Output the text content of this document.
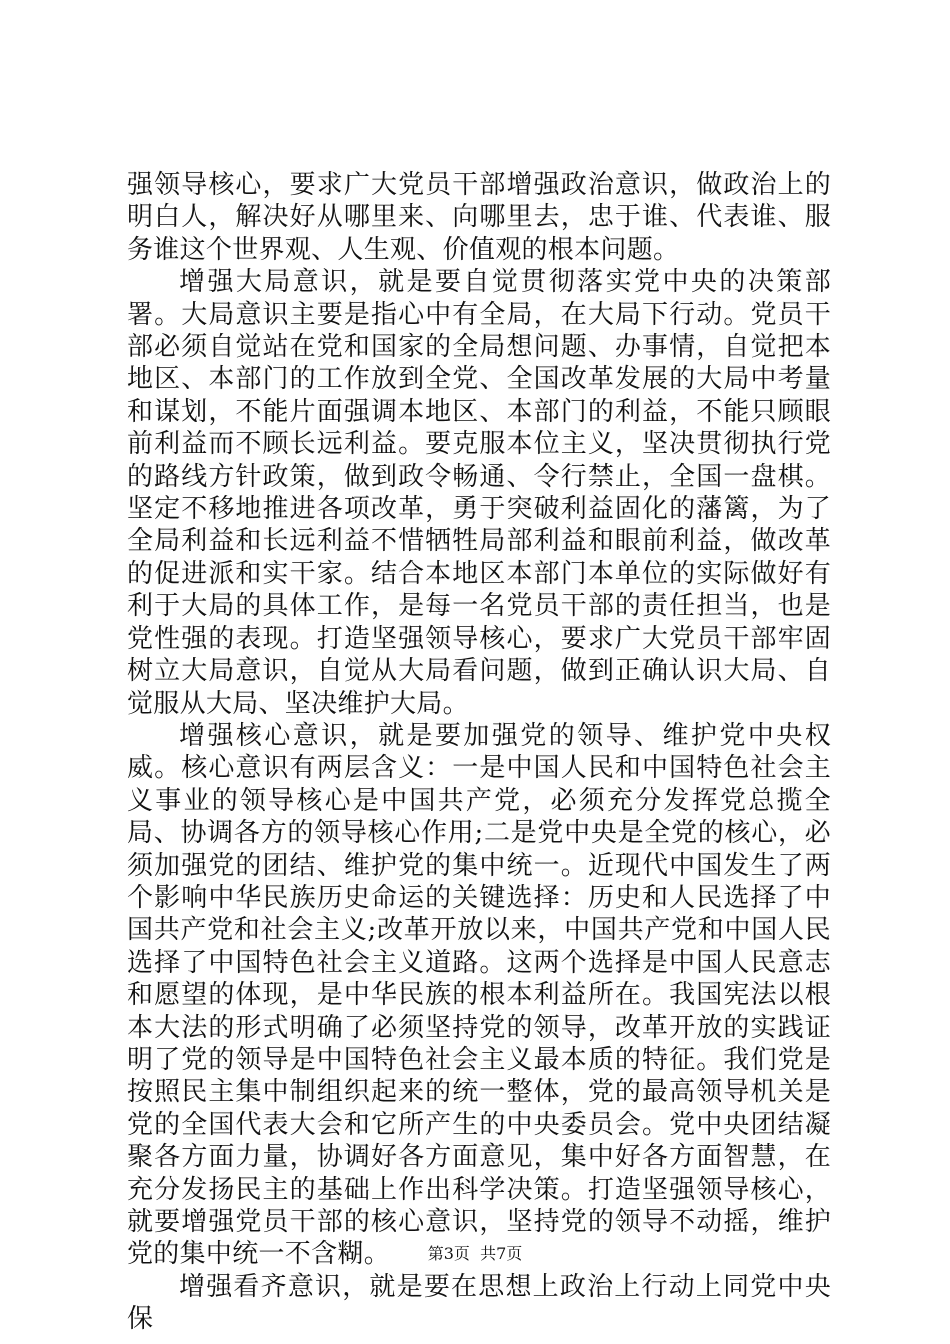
强领导核心，要求广大党员干部增强政治意识，做政治上的明白人，解决好从哪里来、向哪里去，忠于谁、代表谁、服务谁这个世界观、人生观、价值观的根本问题。

增强大局意识，就是要自觉贯彻落实党中央的决策部署。大局意识主要是指心中有全局，在大局下行动。党员干部必须自觉站在党和国家的全局想问题、办事情，自觉把本地区、本部门的工作放到全党、全国改革发展的大局中考量和谋划，不能片面强调本地区、本部门的利益，不能只顾眼前利益而不顾长远利益。要克服本位主义，坚决贯彻执行党的路线方针政策，做到政令畅通、令行禁止，全国一盘棋。坚定不移地推进各项改革，勇于突破利益固化的藩篱，为了全局利益和长远利益不惜牺牲局部利益和眼前利益，做改革的促进派和实干家。结合本地区本部门本单位的实际做好有利于大局的具体工作，是每一名党员干部的责任担当，也是党性强的表现。打造坚强领导核心，要求广大党员干部牢固树立大局意识，自觉从大局看问题，做到正确认识大局、自觉服从大局、坚决维护大局。

增强核心意识，就是要加强党的领导、维护党中央权威。核心意识有两层含义：一是中国人民和中国特色社会主义事业的领导核心是中国共产党，必须充分发挥党总揽全局、协调各方的领导核心作用;二是党中央是全党的核心，必须加强党的团结、维护党的集中统一。近现代中国发生了两个影响中华民族历史命运的关键选择：历史和人民选择了中国共产党和社会主义;改革开放以来，中国共产党和中国人民选择了中国特色社会主义道路。这两个选择是中国人民意志和愿望的体现，是中华民族的根本利益所在。我国宪法以根本大法的形式明确了必须坚持党的领导，改革开放的实践证明了党的领导是中国特色社会主义最本质的特征。我们党是按照民主集中制组织起来的统一整体，党的最高领导机关是党的全国代表大会和它所产生的中央委员会。党中央团结凝聚各方面力量，协调好各方面意见，集中好各方面智慧，在充分发扬民主的基础上作出科学决策。打造坚强领导核心，就要增强党员干部的核心意识，坚持党的领导不动摇，维护党的集中统一不含糊。

增强看齐意识，就是要在思想上政治上行动上同党中央保

第3页 共7页
